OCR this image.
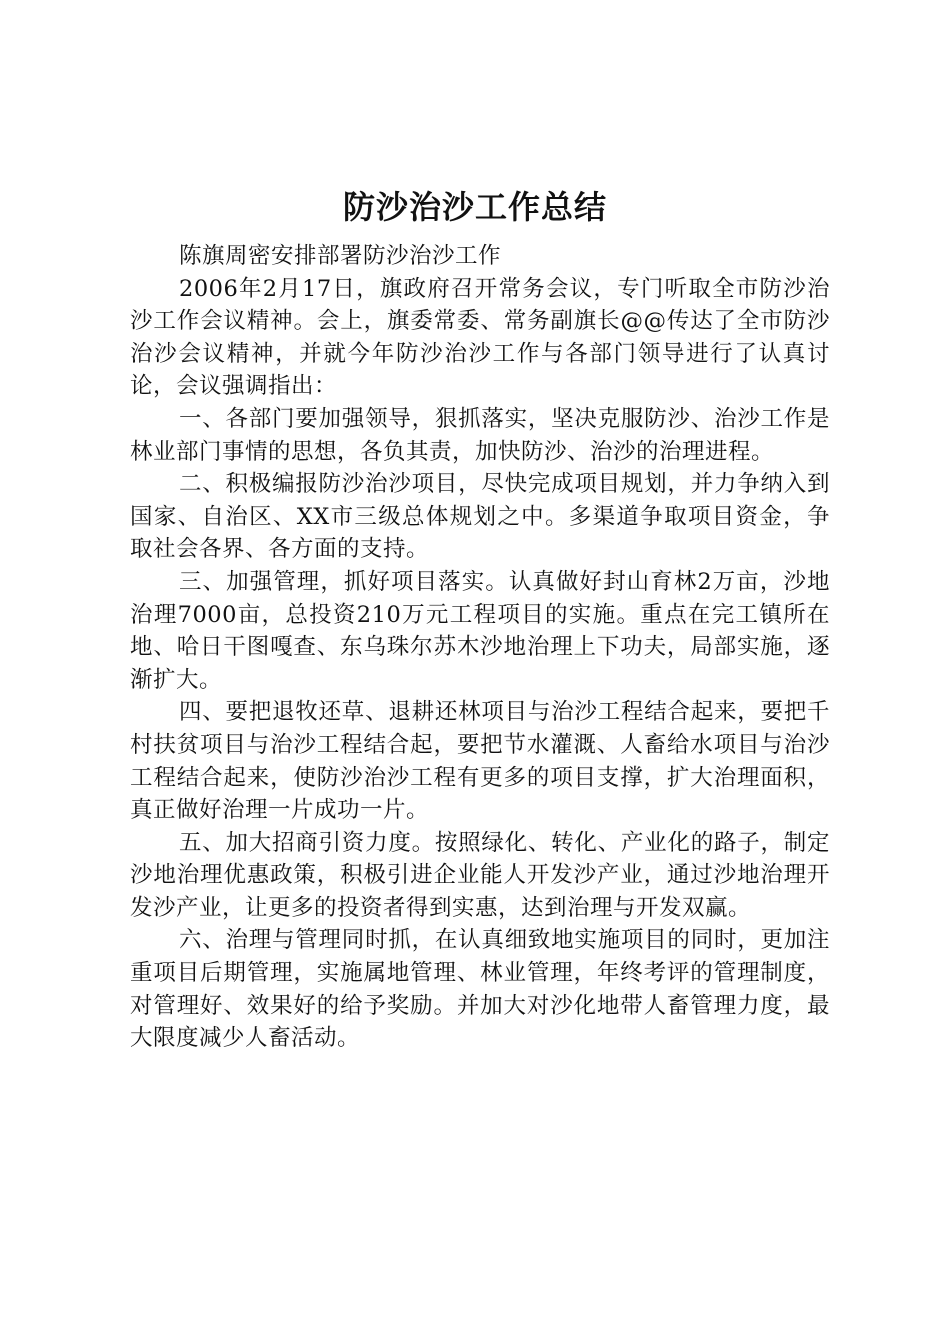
防沙治沙工作总结

陈旗周密安排部署防沙治沙工作

2006年2月17日，旗政府召开常务会议，专门听取全市防沙治沙工作会议精神。会上，旗委常委、常务副旗长@@传达了全市防沙治沙会议精神，并就今年防沙治沙工作与各部门领导进行了认真讨论，会议强调指出：

一、各部门要加强领导，狠抓落实，坚决克服防沙、治沙工作是林业部门事情的思想，各负其责，加快防沙、治沙的治理进程。

二、积极编报防沙治沙项目，尽快完成项目规划，并力争纳入到国家、自治区、XX市三级总体规划之中。多渠道争取项目资金，争取社会各界、各方面的支持。

三、加强管理，抓好项目落实。认真做好封山育林2万亩，沙地治理7000亩，总投资210万元工程项目的实施。重点在完工镇所在地、哈日干图嘎查、东乌珠尔苏木沙地治理上下功夫，局部实施，逐渐扩大。

四、要把退牧还草、退耕还林项目与治沙工程结合起来，要把千村扶贫项目与治沙工程结合起，要把节水灌溉、人畜给水项目与治沙工程结合起来，使防沙治沙工程有更多的项目支撑，扩大治理面积，真正做好治理一片成功一片。

五、加大招商引资力度。按照绿化、转化、产业化的路子，制定沙地治理优惠政策，积极引进企业能人开发沙产业，通过沙地治理开发沙产业，让更多的投资者得到实惠，达到治理与开发双赢。

六、治理与管理同时抓，在认真细致地实施项目的同时，更加注重项目后期管理，实施属地管理、林业管理，年终考评的管理制度，对管理好、效果好的给予奖励。并加大对沙化地带人畜管理力度，最大限度减少人畜活动。
